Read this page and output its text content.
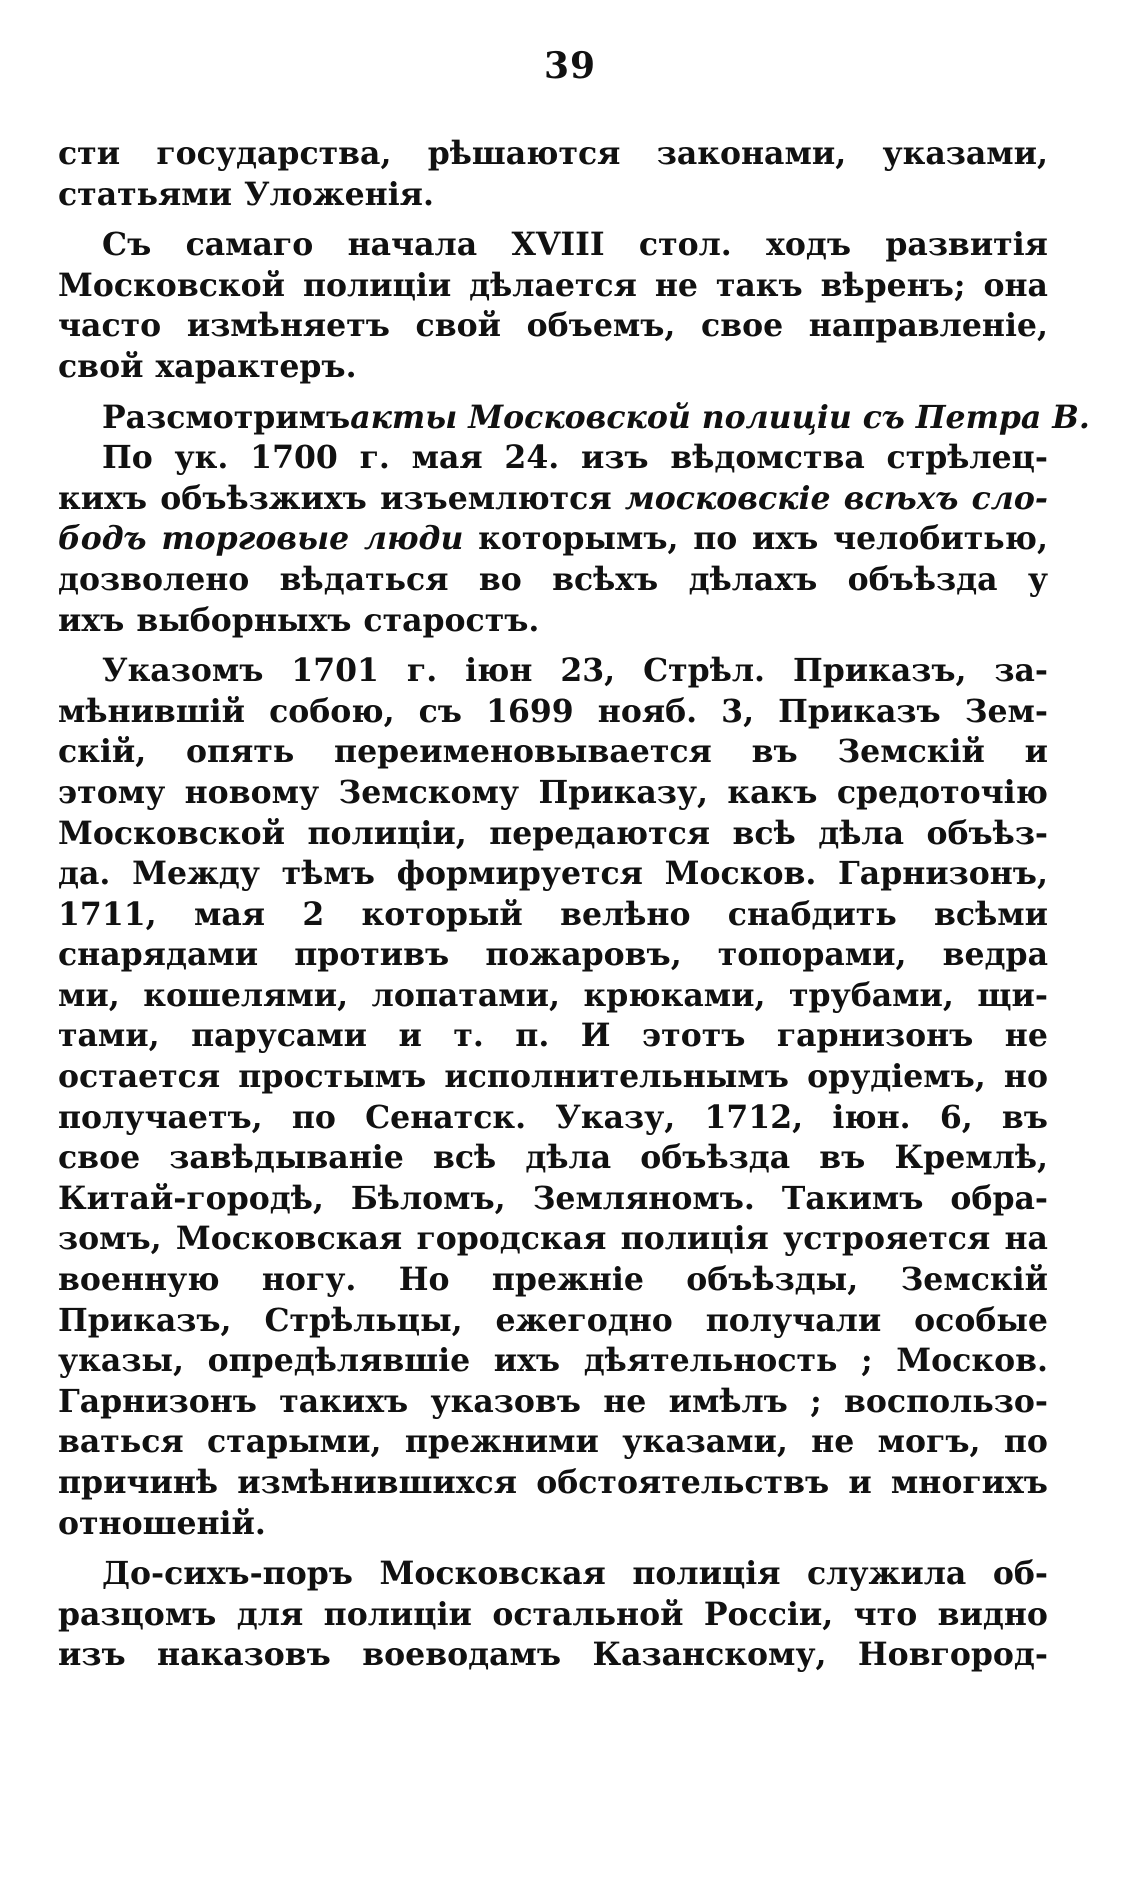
39
сти государства, рѣшаются законами, указами,
статьями Уложенія.
Съ самаго начала XVIII стол. ходъ развитія
Московской полиціи дѣлается не такъ вѣренъ; она
часто измѣняетъ свой объемъ, свое направленіе,
свой характеръ.
Разсмотримъ акты Московской полиціи съ Петра В.
По ук. 1700 г. мая 24. изъ вѣдомства стрѣлец-
кихъ объѣзжихъ изъемлются московскіе всѣхъ сло-
бодъ торговые люди которымъ, по ихъ челобитью,
дозволено вѣдаться во всѣхъ дѣлахъ объѣзда у
ихъ выборныхъ старостъ.
Указомъ 1701 г. іюн 23, Стрѣл. Приказъ, за-
мѣнившій собою, съ 1699 нояб. 3, Приказъ Зем-
скій, опять переименовывается въ Земскій и
этому новому Земскому Приказу, какъ средоточію
Московской полиціи, передаются всѣ дѣла объѣз-
да. Между тѣмъ формируется Москов. Гарнизонъ,
1711, мая 2 который велѣно снабдить всѣми
снарядами противъ пожаровъ, топорами, ведра
ми, кошелями, лопатами, крюками, трубами, щи-
тами, парусами и т. п. И этотъ гарнизонъ не
остается простымъ исполнительнымъ орудіемъ, но
получаетъ, по Сенатск. Указу, 1712, іюн. 6, въ
свое завѣдываніе всѣ дѣла объѣзда въ Кремлѣ,
Китай-городѣ, Бѣломъ, Земляномъ. Такимъ обра-
зомъ, Московская городская полиція устрояется на
военную ногу. Но прежніе объѣзды, Земскій
Приказъ, Стрѣльцы, ежегодно получали особые
указы, опредѣлявшіе ихъ дѣятельность ; Москов.
Гарнизонъ такихъ указовъ не имѣлъ ; воспользо-
ваться старыми, прежними указами, не могъ, по
причинѣ измѣнившихся обстоятельствъ и многихъ
отношеній.
До-сихъ-поръ Московская полиція служила об-
разцомъ для полиціи остальной Россіи, что видно
изъ наказовъ воеводамъ Казанскому, Новгород-
